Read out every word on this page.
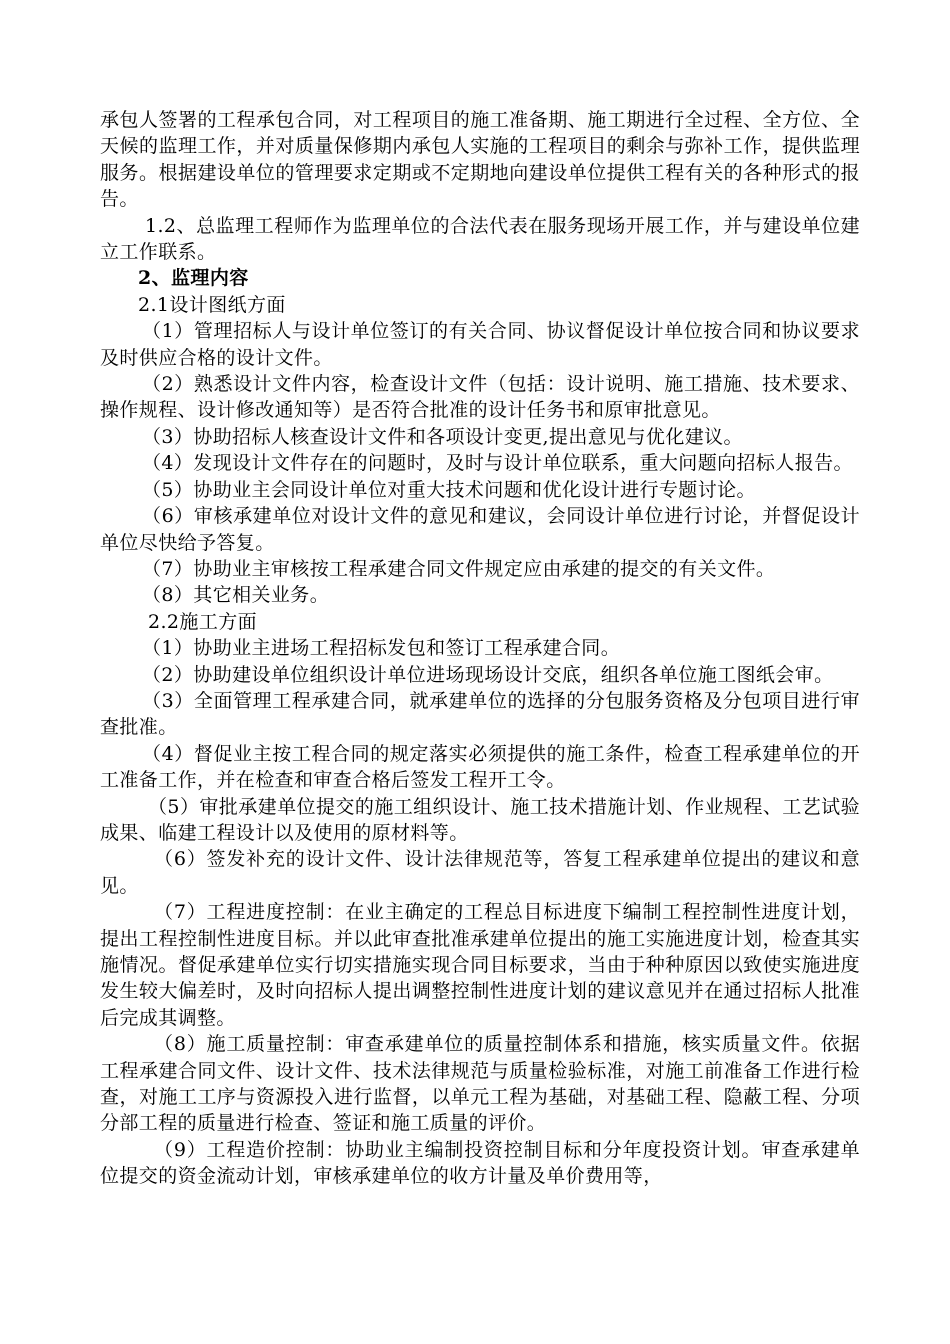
承包人签署的工程承包合同，对工程项目的施工准备期、施工期进行全过程、全方位、全天候的监理工作，并对质量保修期内承包人实施的工程项目的剩余与弥补工作，提供监理服务。根据建设单位的管理要求定期或不定期地向建设单位提供工程有关的各种形式的报告。

1.2、总监理工程师作为监理单位的合法代表在服务现场开展工作，并与建设单位建立工作联系。

2、监理内容

2.1设计图纸方面

（1）管理招标人与设计单位签订的有关合同、协议督促设计单位按合同和协议要求及时供应合格的设计文件。

（2）熟悉设计文件内容，检查设计文件（包括：设计说明、施工措施、技术要求、操作规程、设计修改通知等）是否符合批准的设计任务书和原审批意见。

（3）协助招标人核查设计文件和各项设计变更,提出意见与优化建议。

（4）发现设计文件存在的问题时，及时与设计单位联系，重大问题向招标人报告。

（5）协助业主会同设计单位对重大技术问题和优化设计进行专题讨论。

（6）审核承建单位对设计文件的意见和建议，会同设计单位进行讨论，并督促设计单位尽快给予答复。

（7）协助业主审核按工程承建合同文件规定应由承建的提交的有关文件。

（8）其它相关业务。

2.2施工方面

（1）协助业主进场工程招标发包和签订工程承建合同。

（2）协助建设单位组织设计单位进场现场设计交底，组织各单位施工图纸会审。

（3）全面管理工程承建合同，就承建单位的选择的分包服务资格及分包项目进行审查批准。

（4）督促业主按工程合同的规定落实必须提供的施工条件，检查工程承建单位的开工准备工作，并在检查和审查合格后签发工程开工令。

（5）审批承建单位提交的施工组织设计、施工技术措施计划、作业规程、工艺试验成果、临建工程设计以及使用的原材料等。

（6）签发补充的设计文件、设计法律规范等，答复工程承建单位提出的建议和意见。

（7）工程进度控制：在业主确定的工程总目标进度下编制工程控制性进度计划，提出工程控制性进度目标。并以此审查批准承建单位提出的施工实施进度计划，检查其实施情况。督促承建单位实行切实措施实现合同目标要求，当由于种种原因以致使实施进度发生较大偏差时，及时向招标人提出调整控制性进度计划的建议意见并在通过招标人批准后完成其调整。

（8）施工质量控制：审查承建单位的质量控制体系和措施，核实质量文件。依据工程承建合同文件、设计文件、技术法律规范与质量检验标准，对施工前准备工作进行检查，对施工工序与资源投入进行监督，以单元工程为基础，对基础工程、隐蔽工程、分项分部工程的质量进行检查、签证和施工质量的评价。

（9）工程造价控制：协助业主编制投资控制目标和分年度投资计划。审查承建单位提交的资金流动计划，审核承建单位的收方计量及单价费用等，
